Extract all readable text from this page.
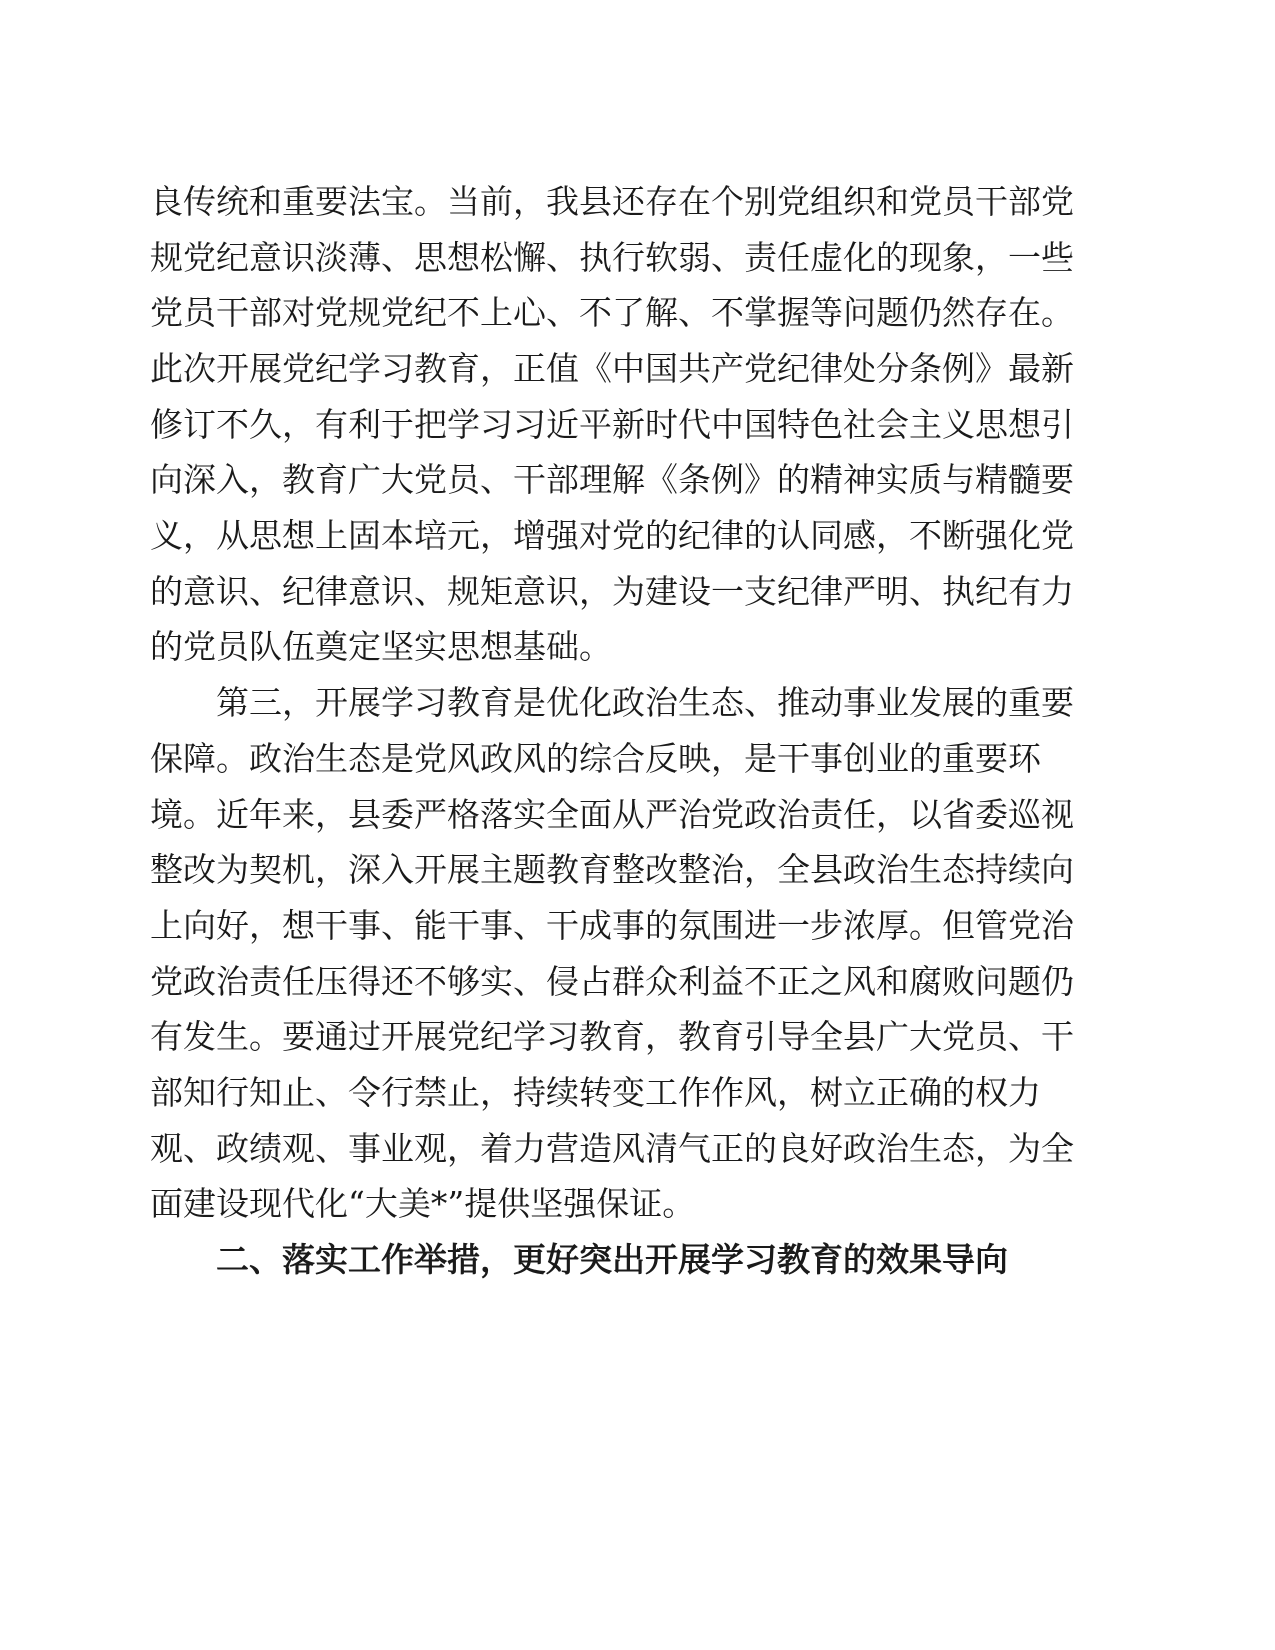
良传统和重要法宝。当前，我县还存在个别党组织和党员干部党
规党纪意识淡薄、思想松懈、执行软弱、责任虚化的现象，一些
党员干部对党规党纪不上心、不了解、不掌握等问题仍然存在。
此次开展党纪学习教育，正值《中国共产党纪律处分条例》最新
修订不久，有利于把学习习近平新时代中国特色社会主义思想引
向深入，教育广大党员、干部理解《条例》的精神实质与精髓要
义，从思想上固本培元，增强对党的纪律的认同感，不断强化党
的意识、纪律意识、规矩意识，为建设一支纪律严明、执纪有力
的党员队伍奠定坚实思想基础。
第三，开展学习教育是优化政治生态、推动事业发展的重要
保障。政治生态是党风政风的综合反映，是干事创业的重要环
境。近年来，县委严格落实全面从严治党政治责任，以省委巡视
整改为契机，深入开展主题教育整改整治，全县政治生态持续向
上向好，想干事、能干事、干成事的氛围进一步浓厚。但管党治
党政治责任压得还不够实、侵占群众利益不正之风和腐败问题仍
有发生。要通过开展党纪学习教育，教育引导全县广大党员、干
部知行知止、令行禁止，持续转变工作作风，树立正确的权力
观、政绩观、事业观，着力营造风清气正的良好政治生态，为全
面建设现代化“大美*”提供坚强保证。
二、落实工作举措，更好突出开展学习教育的效果导向
